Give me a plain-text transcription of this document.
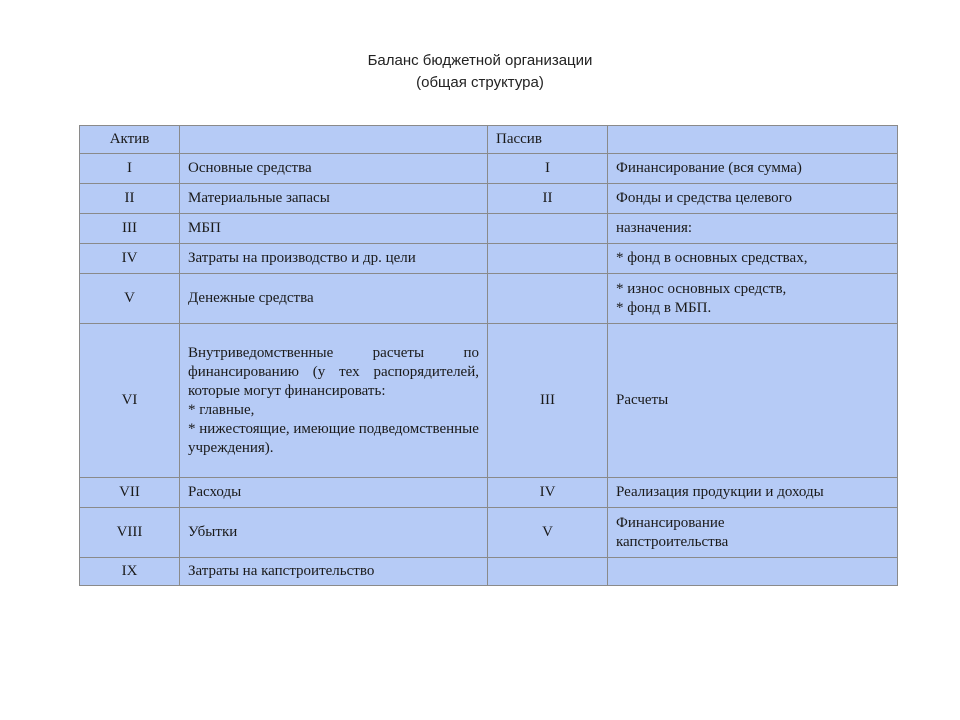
Баланс бюджетной организации
(общая структура)
Актив		Пассив	
I	Основные средства	I	Финансирование (вся сумма)
II	Материальные запасы	II	Фонды и средства целевого
III	МБП		назначения:
IV	Затраты на производство и др. цели		* фонд в основных средствах,
V	Денежные средства		* износ основных средств,
* фонд в МБП.

VI	Внутриведомственные расчеты по финансированию (у тех распорядителей, которые могут финансировать:
* главные,
* нижестоящие, имеющие подведомственные учреждения).	III	Расчеты
VII	Расходы	IV	Реализация продукции и доходы
VIII	Убытки	V	Финансирование
капстроительства

IX	Затраты на капстроительство		
